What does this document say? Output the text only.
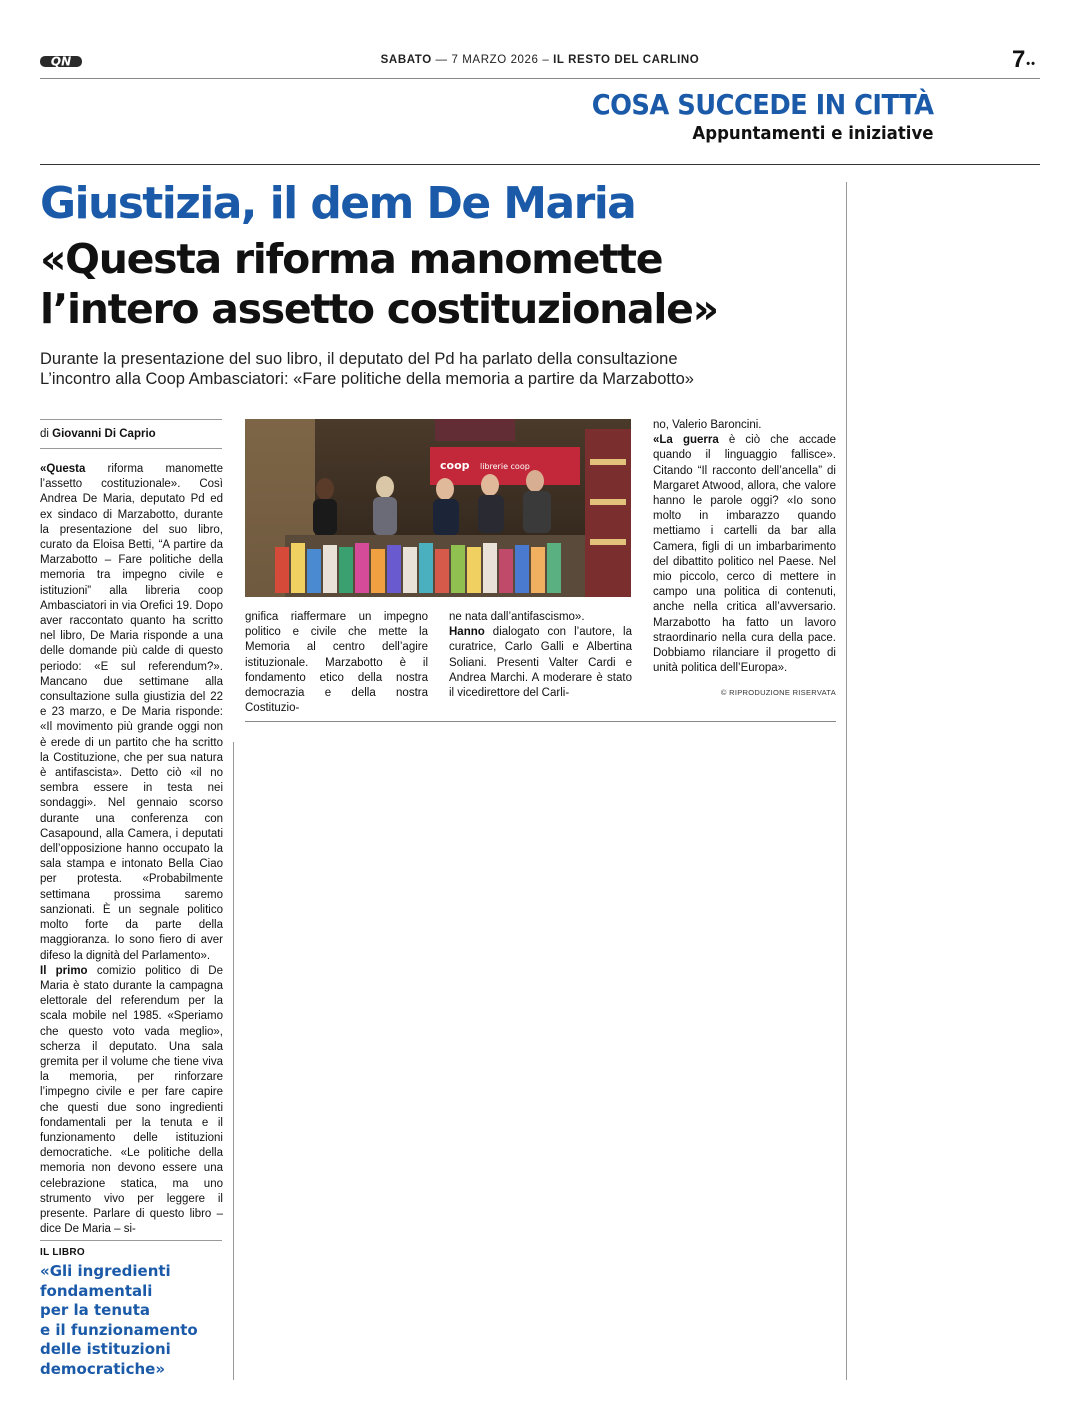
QN	SABATO — 7 MARZO 2026 – IL RESTO DEL CARLINO	7••
COSA SUCCEDE IN CITTÀ
Appuntamenti e iniziative
Giustizia, il dem De Maria
«Questa riforma manomette
l’intero assetto costituzionale»
Durante la presentazione del suo libro, il deputato del Pd ha parlato della consultazione
L’incontro alla Coop Ambasciatori: «Fare politiche della memoria a partire da Marzabotto»
di Giovanni Di Caprio
«Questa riforma manomette l’assetto costituzionale». Così Andrea De Maria, deputato Pd ed ex sindaco di Marzabotto, durante la presentazione del suo libro, curato da Eloisa Betti, “A partire da Marzabotto – Fare politiche della memoria tra impegno civile e istituzioni” alla libreria coop Ambasciatori in via Orefici 19. Dopo aver raccontato quanto ha scritto nel libro, De Maria risponde a una delle domande più calde di questo periodo: «E sul referendum?». Mancano due settimane alla consultazione sulla giustizia del 22 e 23 marzo, e De Maria risponde: «Il movimento più grande oggi non è erede di un partito che ha scritto la Costituzione, che per sua natura è antifascista». Detto ciò «il no sembra essere in testa nei sondaggi». Nel gennaio scorso durante una conferenza con Casapound, alla Camera, i deputati dell’opposizione hanno occupato la sala stampa e intonato Bella Ciao per protesta. «Probabilmente settimana prossima saremo sanzionati. È un segnale politico molto forte da parte della maggioranza. Io sono fiero di aver difeso la dignità del Parlamento».
Il primo comizio politico di De Maria è stato durante la campagna elettorale del referendum per la scala mobile nel 1985. «Speriamo che questo voto vada meglio», scherza il deputato. Una sala gremita per il volume che tiene viva la memoria, per rinforzare l’impegno civile e per fare capire che questi due sono ingredienti fondamentali per la tenuta e il funzionamento delle istituzioni democratiche. «Le politiche della memoria non devono essere una celebrazione statica, ma uno strumento vivo per leggere il presente. Parlare di questo libro – dice De Maria – si-
gnifica riaffermare un impegno politico e civile che mette la Memoria al centro dell’agire istituzionale. Marzabotto è il fondamento etico della nostra democrazia e della nostra Costituzio-
ne nata dall’antifascismo».
Hanno dialogato con l’autore, la curatrice, Carlo Galli e Albertina Soliani. Presenti Valter Cardi e Andrea Marchi. A moderare è stato il vicedirettore del Carli-
no, Valerio Baroncini.
«La guerra è ciò che accade quando il linguaggio fallisce». Citando “Il racconto dell’ancella” di Margaret Atwood, allora, che valore hanno le parole oggi? «Io sono molto in imbarazzo quando mettiamo i cartelli da bar alla Camera, figli di un imbarbarimento del dibattito politico nel Paese. Nel mio piccolo, cerco di mettere in campo una politica di contenuti, anche nella critica all’avversario. Marzabotto ha fatto un lavoro straordinario nella cura della pace. Dobbiamo rilanciare il progetto di unità politica dell’Europa».
© RIPRODUZIONE RISERVATA
coop librerie coop
IL LIBRO
«Gli ingredienti
fondamentali
per la tenuta
e il funzionamento
delle istituzioni
democratiche»
